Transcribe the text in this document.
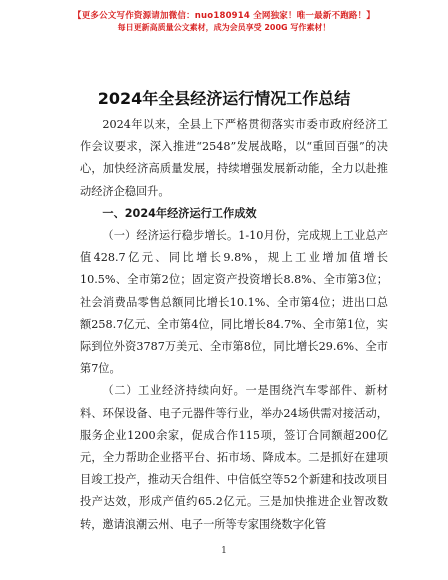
【更多公文写作资源请加微信：nuo180914 全网独家！唯一最新不跑路！】
每日更新高质量公文素材，成为会员享受 200G 写作素材！
2024年全县经济运行情况工作总结

2024年以来，全县上下严格贯彻落实市委市政府经济工作会议要求，深入推进“2548”发展战略，以“重回百强”的决心，加快经济高质量发展，持续增强发展新动能，全力以赴推动经济企稳回升。

一、2024年经济运行工作成效

（一）经济运行稳步增长。1-10月份，完成规上工业总产值428.7亿元、同比增长9.8%，规上工业增加值增长10.5%、全市第2位；固定资产投资增长8.8%、全市第3位；社会消费品零售总额同比增长10.1%、全市第4位；进出口总额258.7亿元、全市第4位，同比增长84.7%、全市第1位，实际到位外资3787万美元、全市第8位，同比增长29.6%、全市第7位。

（二）工业经济持续向好。一是围绕汽车零部件、新材料、环保设备、电子元器件等行业，举办24场供需对接活动，服务企业1200余家，促成合作115项，签订合同额超200亿元，全力帮助企业搭平台、拓市场、降成本。二是抓好在建项目竣工投产，推动天合组件、中信低空等52个新建和技改项目投产达效，形成产值约65.2亿元。三是加快推进企业智改数转，邀请浪潮云州、电子一所等专家围绕数字化管

1
